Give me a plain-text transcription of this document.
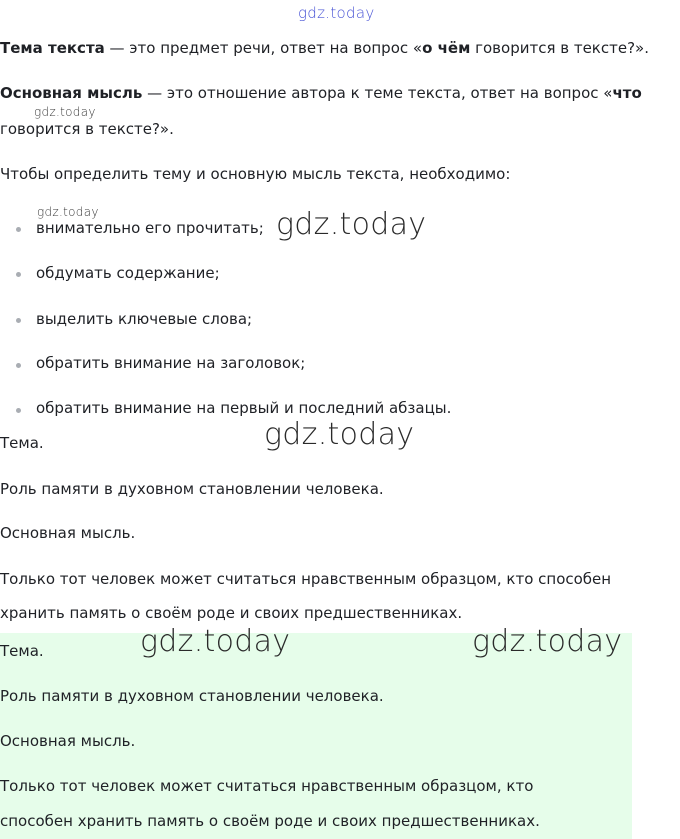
gdz.today
Тема текста — это предмет речи, ответ на вопрос «о чём говорится в тексте?».
Основная мысль — это отношение автора к теме текста, ответ на вопрос «что
gdz.today
говорится в тексте?».
Чтобы определить тему и основную мысль текста, необходимо:
gdz.today
внимательно его прочитать;
обдумать содержание;
выделить ключевые слова;
обратить внимание на заголовок;
обратить внимание на первый и последний абзацы.
gdz.today
Тема.	gdz.today
Роль памяти в духовном становлении человека.
Основная мысль.
Только тот человек может считаться нравственным образцом, кто способен
хранить память о своём роде и своих предшественниках.
Тема.	gdz.today	gdz.today
Роль памяти в духовном становлении человека.
Основная мысль.
Только тот человек может считаться нравственным образцом, кто
способен хранить память о своём роде и своих предшественниках.
